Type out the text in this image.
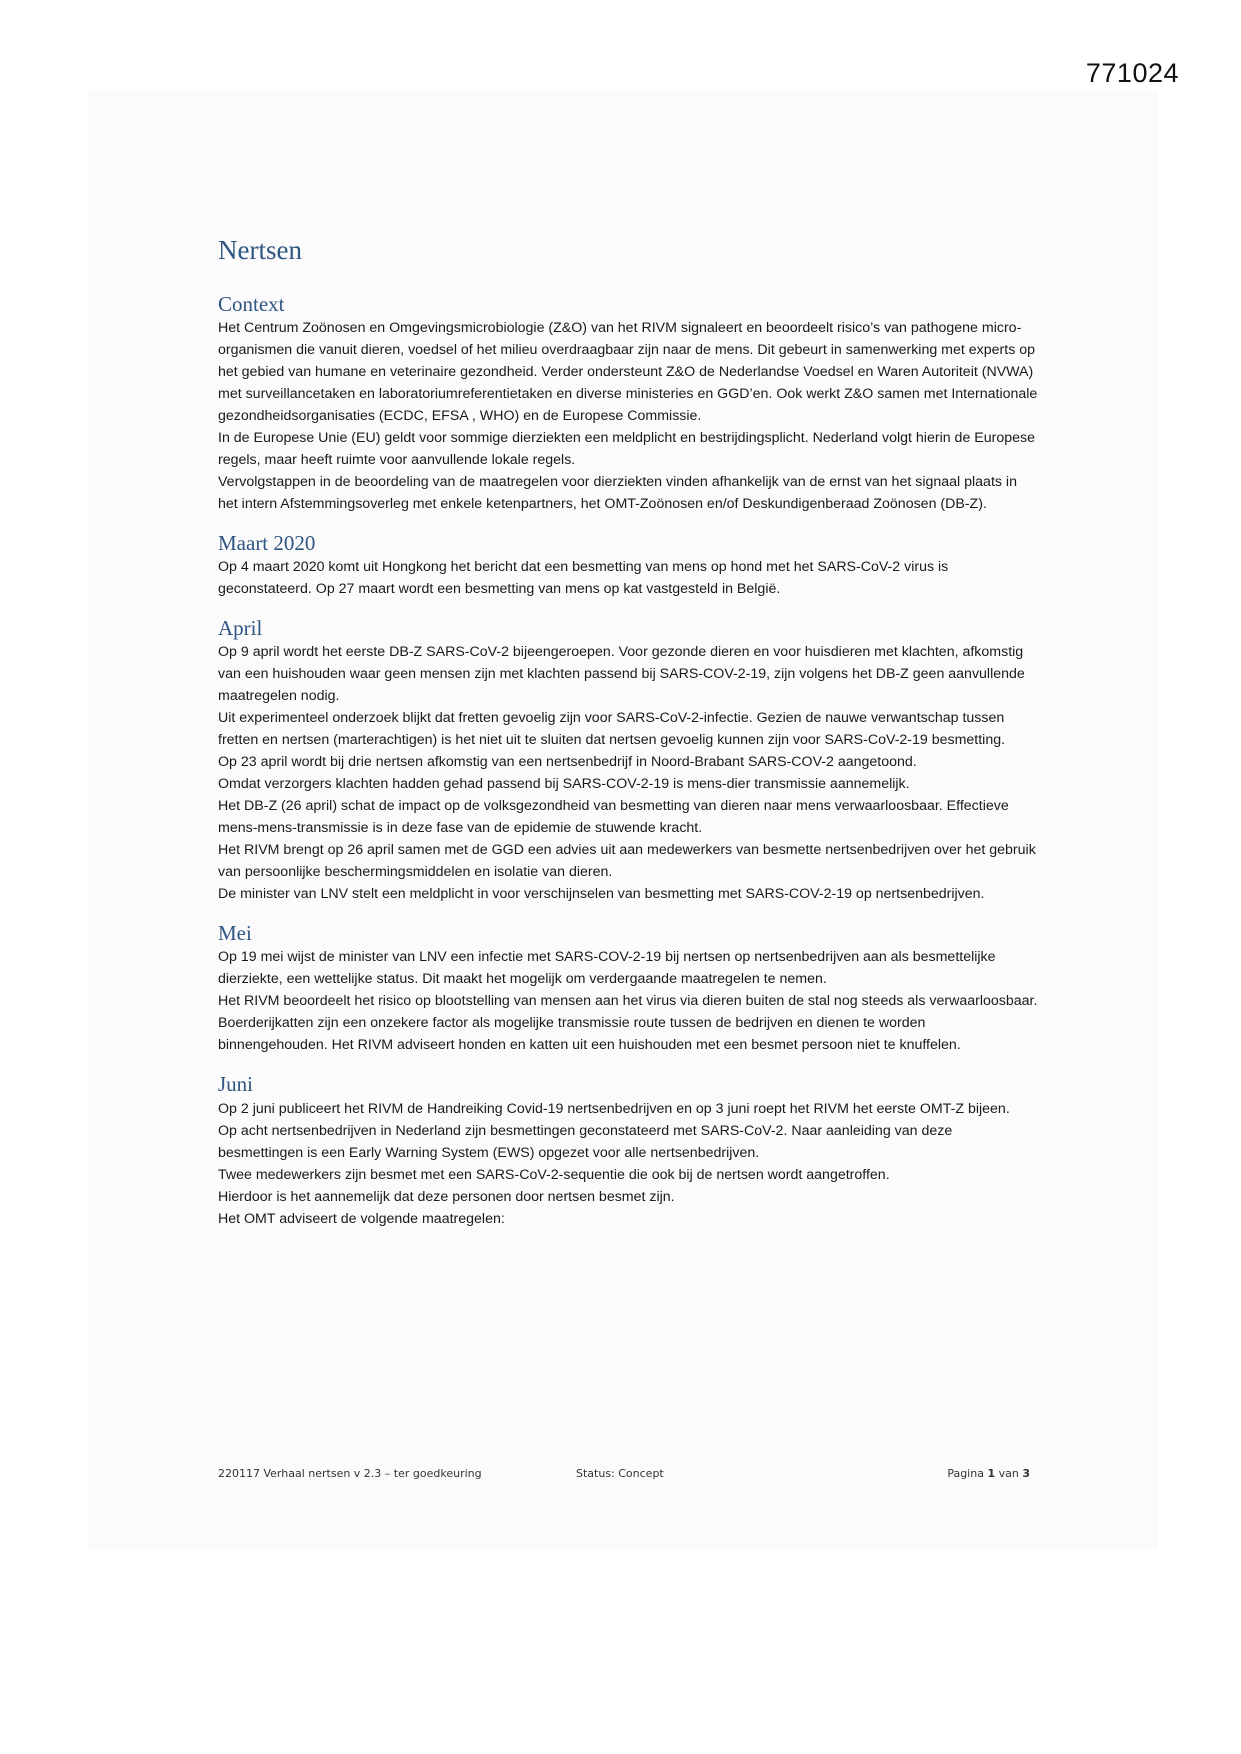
771024
Nertsen
Context

Het Centrum Zoönosen en Omgevingsmicrobiologie (Z&O) van het RIVM signaleert en beoordeelt risico’s van pathogene micro-organismen die vanuit dieren, voedsel of het milieu overdraagbaar zijn naar de mens. Dit gebeurt in samenwerking met experts op het gebied van humane en veterinaire gezondheid. Verder ondersteunt Z&O de Nederlandse Voedsel en Waren Autoriteit (NVWA) met surveillancetaken en laboratoriumreferentietaken en diverse ministeries en GGD’en. Ook werkt Z&O samen met Internationale gezondheidsorganisaties (ECDC, EFSA , WHO) en de Europese Commissie.

In de Europese Unie (EU) geldt voor sommige dierziekten een meldplicht en bestrijdingsplicht. Nederland volgt hierin de Europese regels, maar heeft ruimte voor aanvullende lokale regels.

Vervolgstappen in de beoordeling van de maatregelen voor dierziekten vinden afhankelijk van de ernst van het signaal plaats in het intern Afstemmingsoverleg met enkele ketenpartners, het OMT-Zoönosen en/of Deskundigenberaad Zoönosen (DB-Z).

Maart 2020

Op 4 maart 2020 komt uit Hongkong het bericht dat een besmetting van mens op hond met het SARS-CoV-2 virus is geconstateerd. Op 27 maart wordt een besmetting van mens op kat vastgesteld in België.

April

Op 9 april wordt het eerste DB-Z SARS-CoV-2 bijeengeroepen. Voor gezonde dieren en voor huisdieren met klachten, afkomstig van een huishouden waar geen mensen zijn met klachten passend bij SARS-COV-2-19, zijn volgens het DB-Z geen aanvullende maatregelen nodig.

Uit experimenteel onderzoek blijkt dat fretten gevoelig zijn voor SARS-CoV-2-infectie. Gezien de nauwe verwantschap tussen fretten en nertsen (marterachtigen) is het niet uit te sluiten dat nertsen gevoelig kunnen zijn voor SARS-CoV-2-19 besmetting.

Op 23 april wordt bij drie nertsen afkomstig van een nertsenbedrijf in Noord-Brabant SARS-COV-2 aangetoond.

Omdat verzorgers klachten hadden gehad passend bij SARS-COV-2-19 is mens-dier transmissie aannemelijk.

Het DB-Z (26 april) schat de impact op de volksgezondheid van besmetting van dieren naar mens verwaarloosbaar. Effectieve mens-mens-transmissie is in deze fase van de epidemie de stuwende kracht.

Het RIVM brengt op 26 april samen met de GGD een advies uit aan medewerkers van besmette nertsenbedrijven over het gebruik van persoonlijke beschermingsmiddelen en isolatie van dieren.

De minister van LNV stelt een meldplicht in voor verschijnselen van besmetting met SARS-COV-2-19 op nertsenbedrijven.

Mei

Op 19 mei wijst de minister van LNV een infectie met SARS-COV-2-19 bij nertsen op nertsenbedrijven aan als besmettelijke dierziekte, een wettelijke status. Dit maakt het mogelijk om verdergaande maatregelen te nemen.

Het RIVM beoordeelt het risico op blootstelling van mensen aan het virus via dieren buiten de stal nog steeds als verwaarloosbaar. Boerderijkatten zijn een onzekere factor als mogelijke transmissie route tussen de bedrijven en dienen te worden binnengehouden. Het RIVM adviseert honden en katten uit een huishouden met een besmet persoon niet te knuffelen.

Juni

Op 2 juni publiceert het RIVM de Handreiking Covid-19 nertsenbedrijven en op 3 juni roept het RIVM het eerste OMT-Z bijeen.

Op acht nertsenbedrijven in Nederland zijn besmettingen geconstateerd met SARS-CoV-2. Naar aanleiding van deze besmettingen is een Early Warning System (EWS) opgezet voor alle nertsenbedrijven.

Twee medewerkers zijn besmet met een SARS-CoV-2-sequentie die ook bij de nertsen wordt aangetroffen.

Hierdoor is het aannemelijk dat deze personen door nertsen besmet zijn.

Het OMT adviseert de volgende maatregelen:

220117 Verhaal nertsen v 2.3 – ter goedkeuring	Status: Concept	Pagina 1 van 3
